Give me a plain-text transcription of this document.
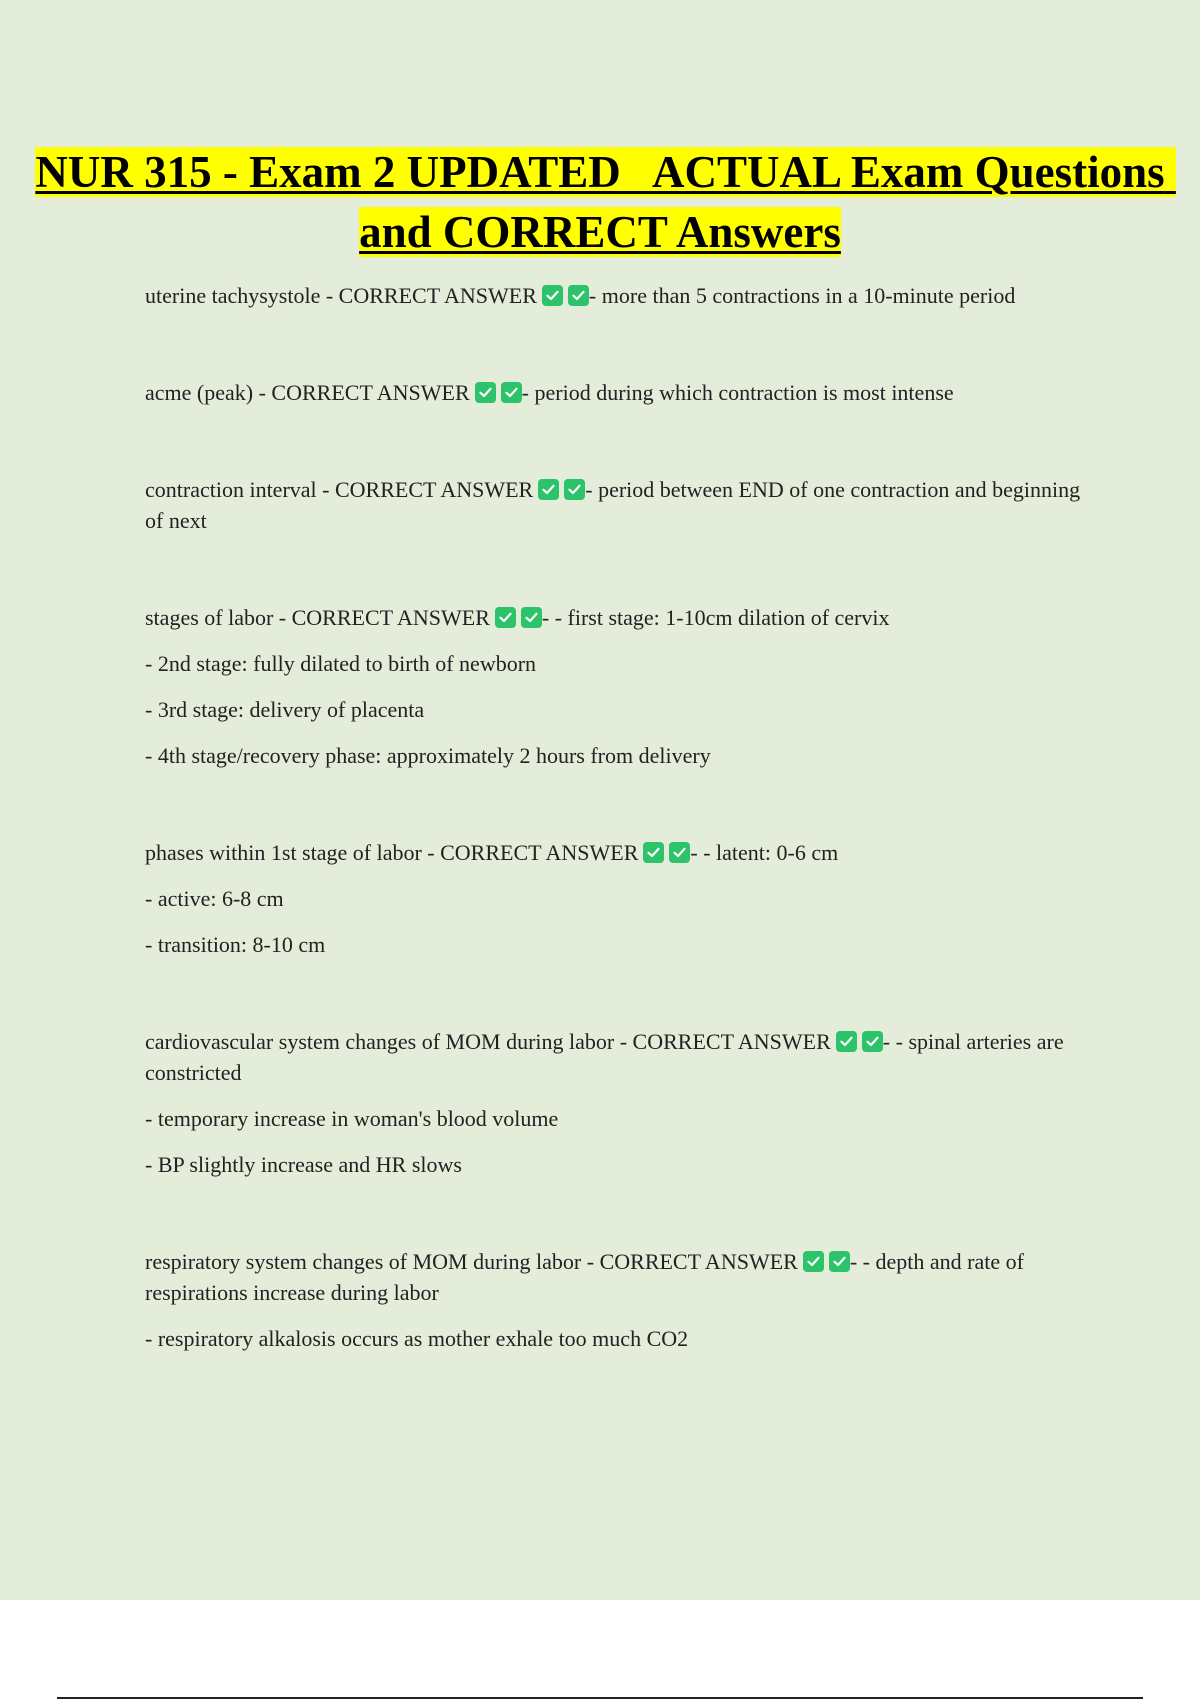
NUR 315 - Exam 2 UPDATED   ACTUAL Exam Questions and CORRECT Answers

uterine tachysystole - CORRECT ANSWER - more than 5 contractions in a 10-minute period

acme (peak) - CORRECT ANSWER - period during which contraction is most intense

contraction interval - CORRECT ANSWER - period between END of one contraction and beginning of next

stages of labor - CORRECT ANSWER - - first stage: 1-10cm dilation of cervix

- 2nd stage: fully dilated to birth of newborn

- 3rd stage: delivery of placenta

- 4th stage/recovery phase: approximately 2 hours from delivery

phases within 1st stage of labor - CORRECT ANSWER - - latent: 0-6 cm

- active: 6-8 cm

- transition: 8-10 cm

cardiovascular system changes of MOM during labor - CORRECT ANSWER - - spinal arteries are constricted

- temporary increase in woman's blood volume

- BP slightly increase and HR slows

respiratory system changes of MOM during labor - CORRECT ANSWER - - depth and rate of respirations increase during labor

- respiratory alkalosis occurs as mother exhale too much CO2
